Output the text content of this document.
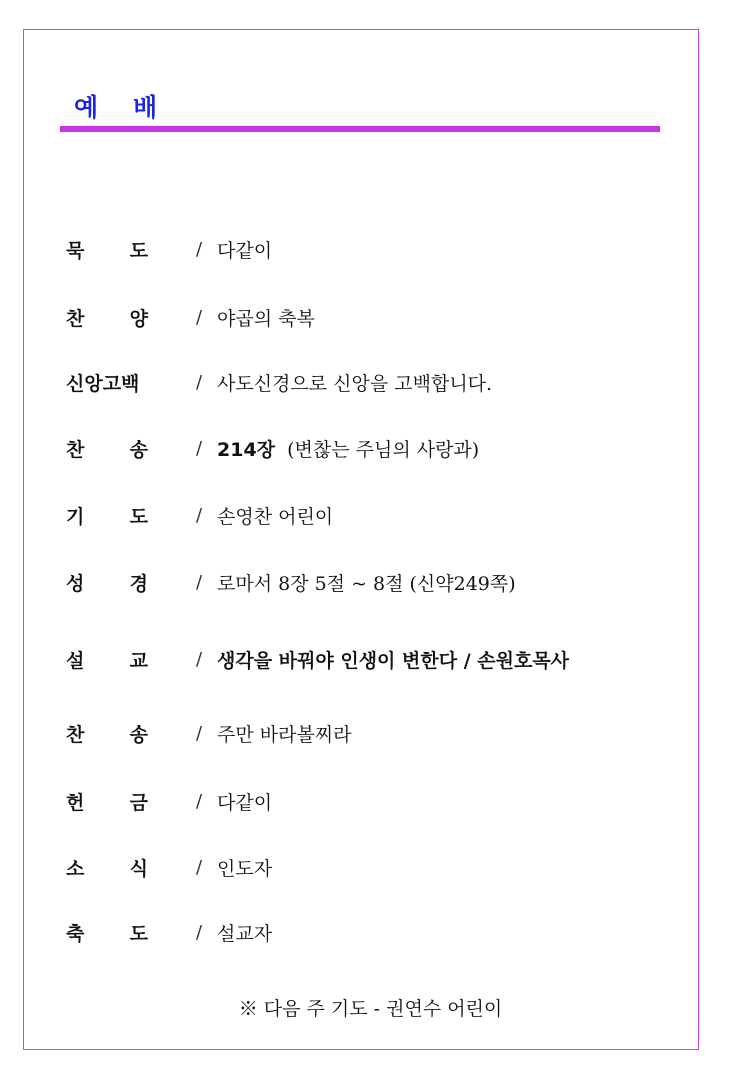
예    배
묵 도	/ 다같이
찬 양	/ 야곱의 축복
신앙고백	/ 사도신경으로 신앙을 고백합니다.
찬 송	/ 214장  (변찮는 주님의 사랑과)
기 도	/ 손영찬 어린이
성 경	/ 로마서 8장 5절 ~ 8절 (신약249쪽)
설 교	/ 생각을 바꿔야 인생이 변한다 / 손원호목사
찬 송	/ 주만 바라볼찌라
헌 금	/ 다같이
소 식	/ 인도자
축 도	/ 설교자
※ 다음 주 기도 - 권연수 어린이
